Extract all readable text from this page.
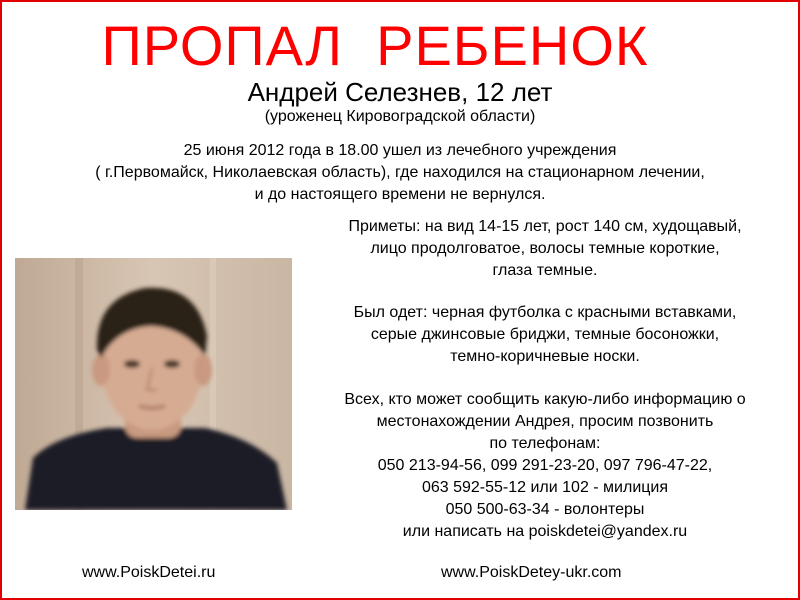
ПРОПАЛ  РЕБЕНОК
Андрей Селезнев, 12 лет
(уроженец Кировоградской области)
25 июня 2012 года в 18.00 ушел из лечебного учреждения
( г.Первомайск, Николаевская область), где находился на стационарном лечении,
и до настоящего времени не вернулся.
Приметы: на вид 14-15 лет, рост 140 см, худощавый,
лицо продолговатое, волосы темные короткие,
глаза темные.
Был одет: черная футболка с красными вставками,
серые джинсовые бриджи, темные босоножки,
темно-коричневые носки.
Всех, кто может сообщить какую-либо информацию о
местонахождении Андрея, просим позвонить
по телефонам:
050 213-94-56, 099 291-23-20, 097 796-47-22,
063 592-55-12 или 102 - милиция
050 500-63-34 - волонтеры
или написать на poiskdetei@yandex.ru
www.PoiskDetei.ru	www.PoiskDetey-ukr.com
